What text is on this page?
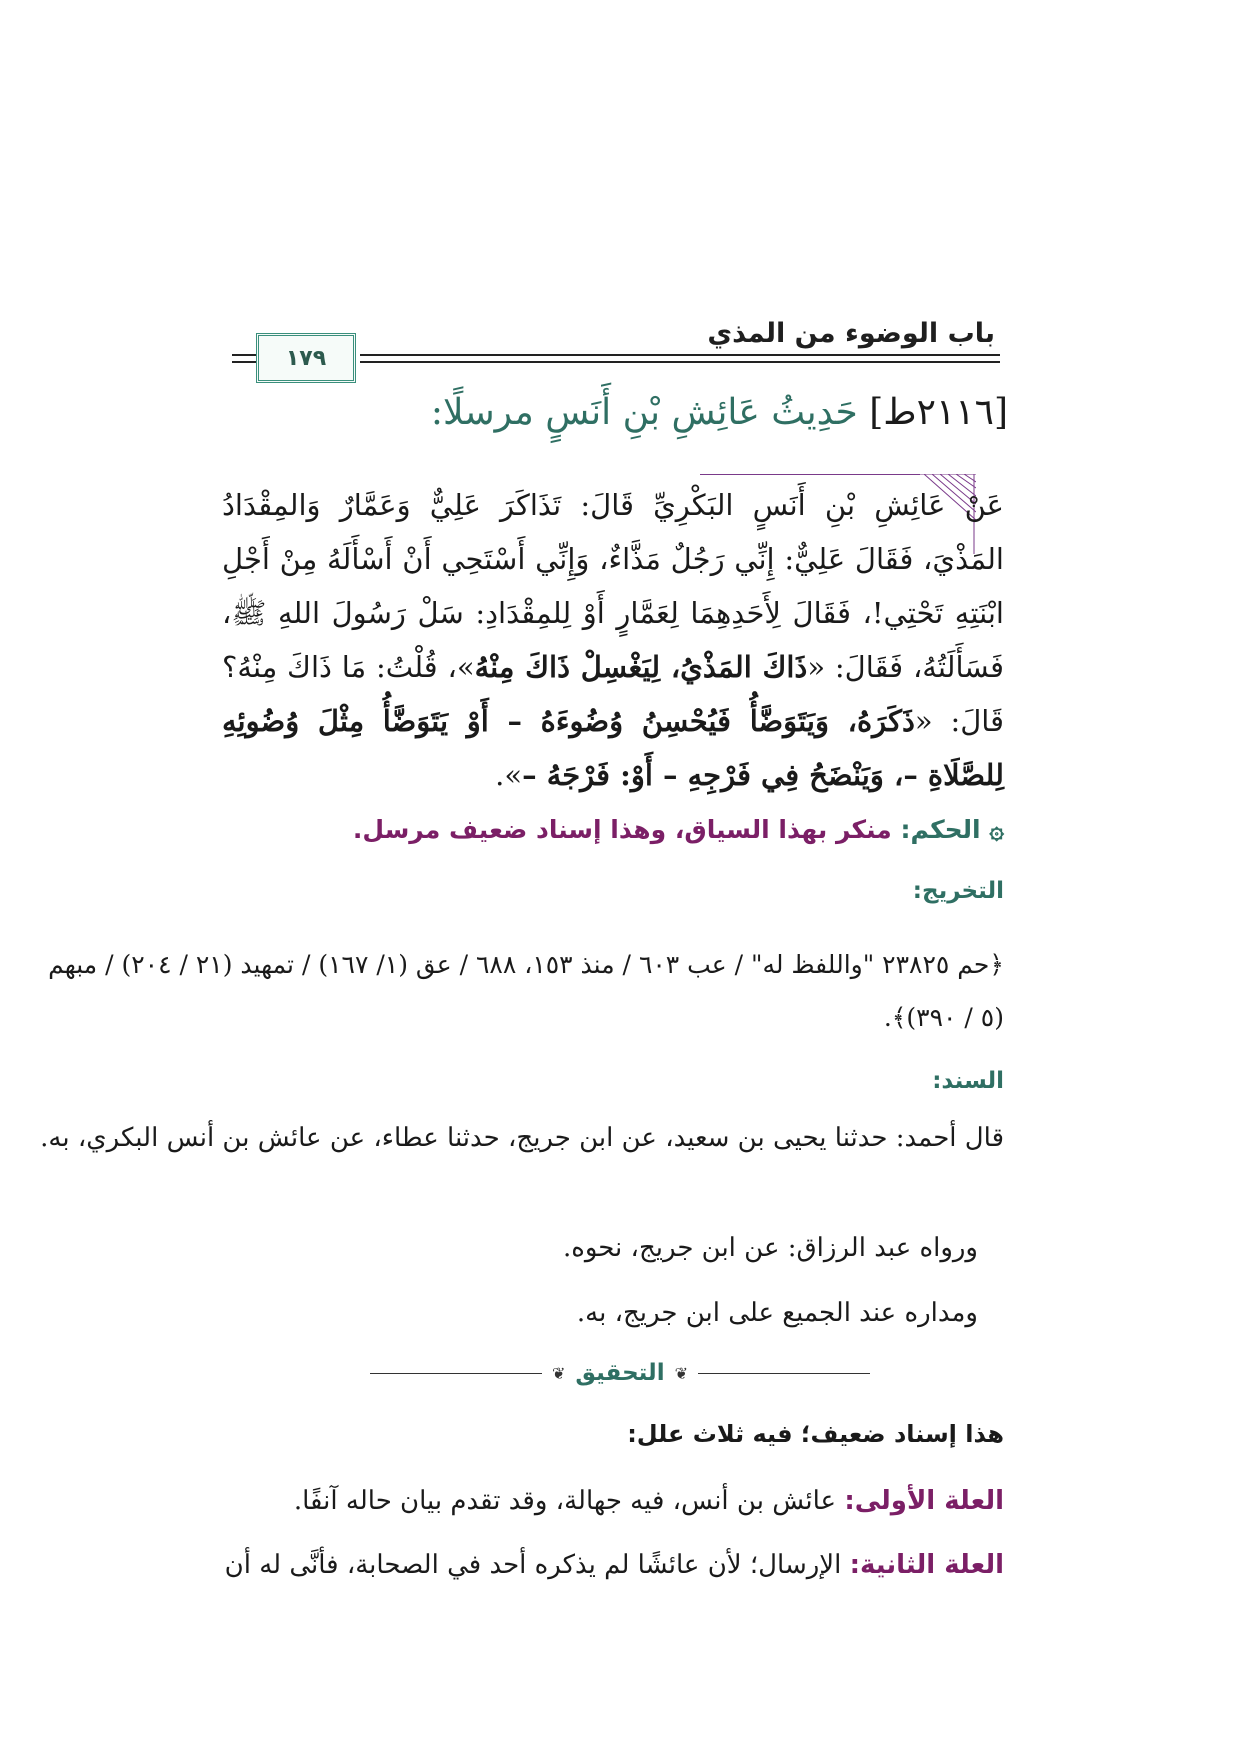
باب الوضوء من المذي
١٧٩
[٢١١٦ط] حَدِيثُ عَائِشِ بْنِ أَنَسٍ مرسلًا:
عَنْ عَائِشِ بْنِ أَنَسٍ البَكْرِيِّ قَالَ: تَذَاكَرَ عَلِيٌّ وَعَمَّارٌ وَالمِقْدَادُ المَذْيَ، فَقَالَ عَلِيٌّ: إِنِّي رَجُلٌ مَذَّاءٌ، وَإِنِّي أَسْتَحِي أَنْ أَسْأَلَهُ مِنْ أَجْلِ ابْنَتِهِ تَحْتِي!، فَقَالَ لِأَحَدِهِمَا لِعَمَّارٍ أَوْ لِلمِقْدَادِ: سَلْ رَسُولَ اللهِ ﷺ، فَسَأَلَتُهُ، فَقَالَ: «ذَاكَ المَذْيُ، لِيَغْسِلْ ذَاكَ مِنْهُ»، قُلْتُ: مَا ذَاكَ مِنْهُ؟ قَالَ: «ذَكَرَهُ، وَيَتَوَضَّأُ فَيُحْسِنُ وُضُوءَهُ – أَوْ يَتَوَضَّأُ مِثْلَ وُضُوئِهِ لِلصَّلَاةِ –، وَيَنْضَحُ فِي فَرْجِهِ – أَوْ: فَرْجَهُ –».
۞ الحكم: منكر بهذا السياق، وهذا إسناد ضعيف مرسل.
التخريج:
﴿حم ٢٣٨٢٥ "واللفظ له" / عب ٦٠٣ / منذ ١٥٣، ٦٨٨ / عق (١/ ١٦٧) / تمهيد (٢١ / ٢٠٤) / مبهم (٥ / ٣٩٠)﴾.
السند:
قال أحمد: حدثنا يحيى بن سعيد، عن ابن جريج، حدثنا عطاء، عن عائش بن أنس البكري، به.
ورواه عبد الرزاق: عن ابن جريج، نحوه.
ومداره عند الجميع على ابن جريج، به.
❦ التحقيق ❦
هذا إسناد ضعيف؛ فيه ثلاث علل:
العلة الأولى: عائش بن أنس، فيه جهالة، وقد تقدم بيان حاله آنفًا.
العلة الثانية: الإرسال؛ لأن عائشًا لم يذكره أحد في الصحابة، فأنَّى له أن
